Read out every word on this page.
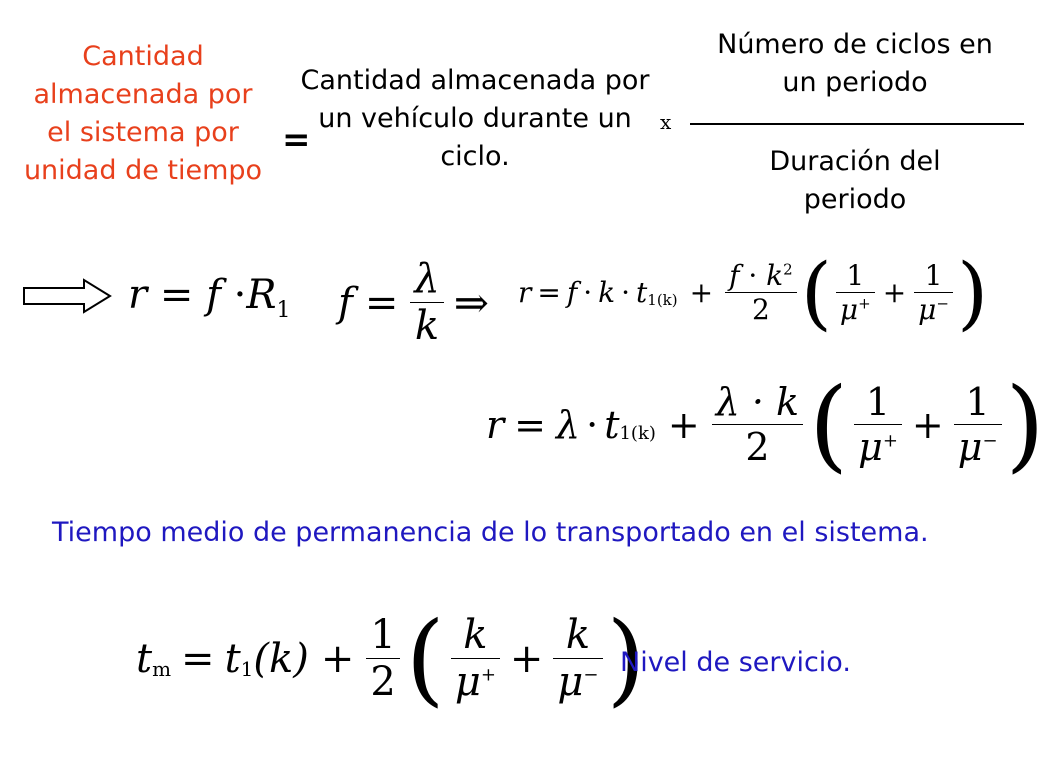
Cantidad almacenada por el sistema por unidad de tiempo
=
Cantidad almacenada por un vehículo durante un ciclo.
x
Número de ciclos en un periodo
Duración del periodo
$r = f \cdot R_1$ $f = \frac{\lambda}{k}$ ⇒ $r = f \cdot k \cdot t_{1(k)} + \frac{f \cdot k^2}{2}$ ( $\frac{1}{\mu^+} + \frac{1}{\mu^-}$ )
$r = \lambda \cdot t_{1(k)} + \frac{\lambda \cdot k}{2}$ ( $\frac{1}{\mu^+} + \frac{1}{\mu^-}$ )
Tiempo medio de permanencia de lo transportado en el sistema.
$t_m = t_1$ $(k) + \frac{1}{2}$ ( $\frac{k}{\mu^+} + \frac{k}{\mu^-}$ )
Nivel de servicio.
